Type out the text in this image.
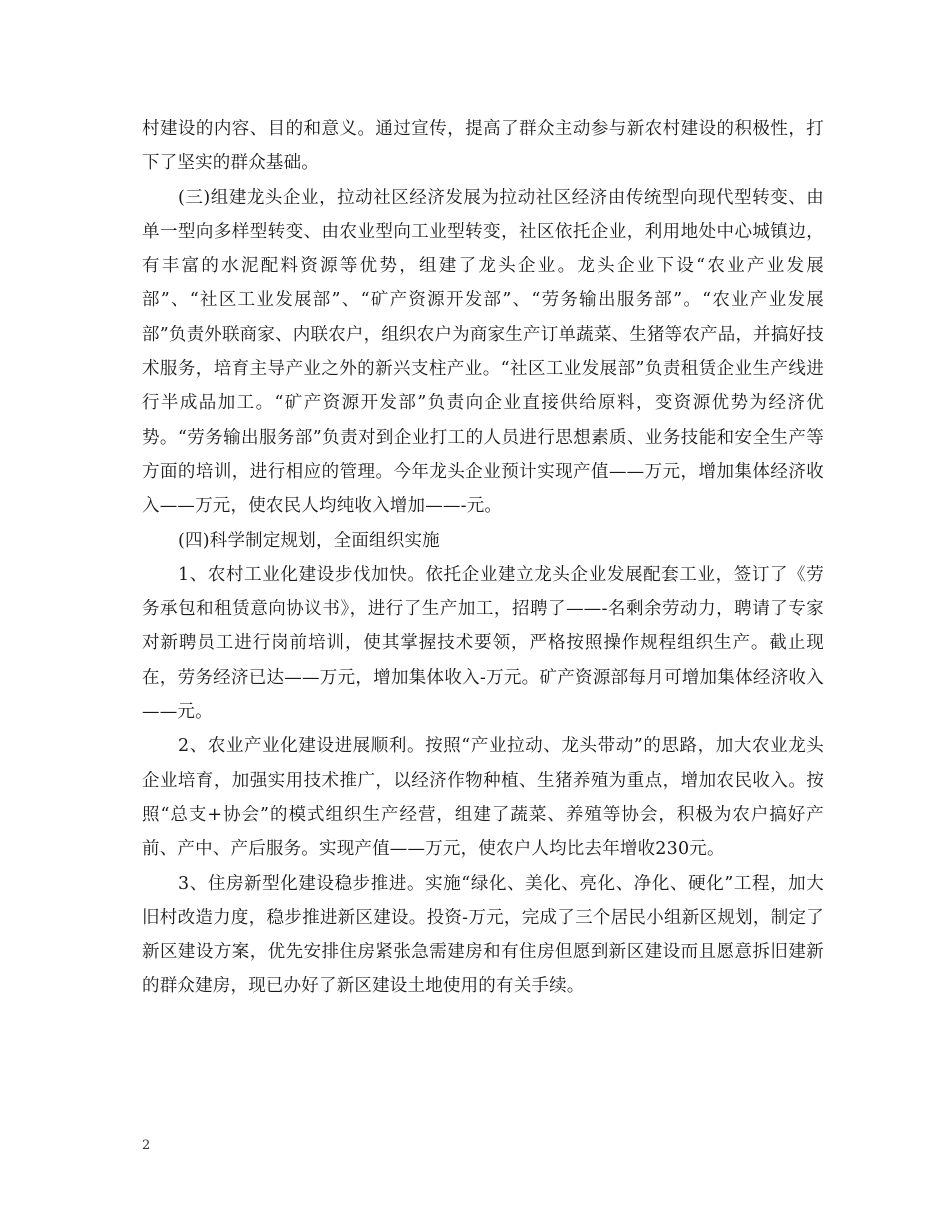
村建设的内容、目的和意义。通过宣传，提高了群众主动参与新农村建设的积极性，打下了坚实的群众基础。

(三)组建龙头企业，拉动社区经济发展为拉动社区经济由传统型向现代型转变、由单一型向多样型转变、由农业型向工业型转变，社区依托企业，利用地处中心城镇边，有丰富的水泥配料资源等优势，组建了龙头企业。龙头企业下设“农业产业发展部”、“社区工业发展部”、“矿产资源开发部”、“劳务输出服务部”。“农业产业发展部”负责外联商家、内联农户，组织农户为商家生产订单蔬菜、生猪等农产品，并搞好技术服务，培育主导产业之外的新兴支柱产业。“社区工业发展部”负责租赁企业生产线进行半成品加工。“矿产资源开发部”负责向企业直接供给原料，变资源优势为经济优势。“劳务输出服务部”负责对到企业打工的人员进行思想素质、业务技能和安全生产等方面的培训，进行相应的管理。今年龙头企业预计实现产值——万元，增加集体经济收入——万元，使农民人均纯收入增加——-元。

(四)科学制定规划，全面组织实施

1、农村工业化建设步伐加快。依托企业建立龙头企业发展配套工业，签订了《劳务承包和租赁意向协议书》，进行了生产加工，招聘了——-名剩余劳动力，聘请了专家对新聘员工进行岗前培训，使其掌握技术要领，严格按照操作规程组织生产。截止现在，劳务经济已达——万元，增加集体收入-万元。矿产资源部每月可增加集体经济收入——元。

2、农业产业化建设进展顺利。按照“产业拉动、龙头带动”的思路，加大农业龙头企业培育，加强实用技术推广，以经济作物种植、生猪养殖为重点，增加农民收入。按照“总支+协会”的模式组织生产经营，组建了蔬菜、养殖等协会，积极为农户搞好产前、产中、产后服务。实现产值——万元，使农户人均比去年增收230元。

3、住房新型化建设稳步推进。实施“绿化、美化、亮化、净化、硬化”工程，加大旧村改造力度，稳步推进新区建设。投资-万元，完成了三个居民小组新区规划，制定了新区建设方案，优先安排住房紧张急需建房和有住房但愿到新区建设而且愿意拆旧建新的群众建房，现已办好了新区建设土地使用的有关手续。

2
